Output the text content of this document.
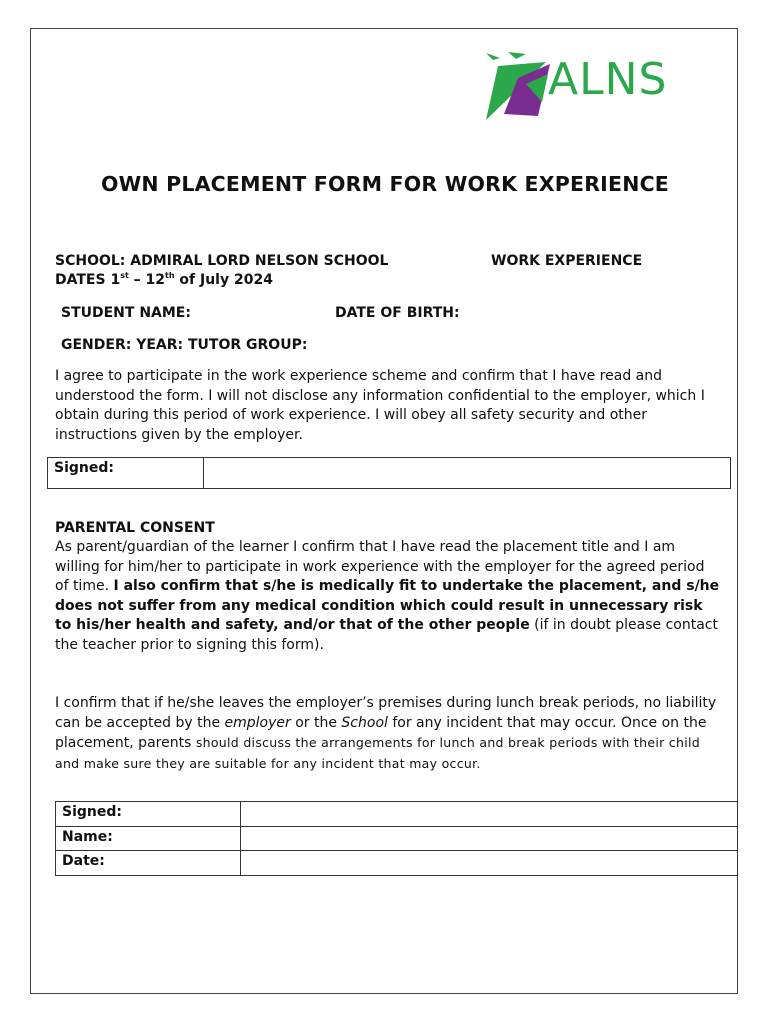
ALNS
OWN PLACEMENT FORM FOR WORK EXPERIENCE
SCHOOL: ADMIRAL LORD NELSON SCHOOL	WORK EXPERIENCE
DATES 1st – 12th of July 2024
STUDENT NAME:	DATE OF BIRTH:
GENDER: YEAR: TUTOR GROUP:
I agree to participate in the work experience scheme and confirm that I have read and understood the form. I will not disclose any information confidential to the employer, which I obtain during this period of work experience. I will obey all safety security and other instructions given by the employer.
Signed:	
PARENTAL CONSENT
As parent/guardian of the learner I confirm that I have read the placement title and I am willing for him/her to participate in work experience with the employer for the agreed period of time. I also confirm that s/he is medically fit to undertake the placement, and s/he does not suffer from any medical condition which could result in unnecessary risk to his/her health and safety, and/or that of the other people (if in doubt please contact the teacher prior to signing this form).
I confirm that if he/she leaves the employer’s premises during lunch break periods, no liability can be accepted by the employer or the School for any incident that may occur. Once on the placement, parents should discuss the arrangements for lunch and break periods with their child and make sure they are suitable for any incident that may occur.
Signed:	
Name:	
Date:	
